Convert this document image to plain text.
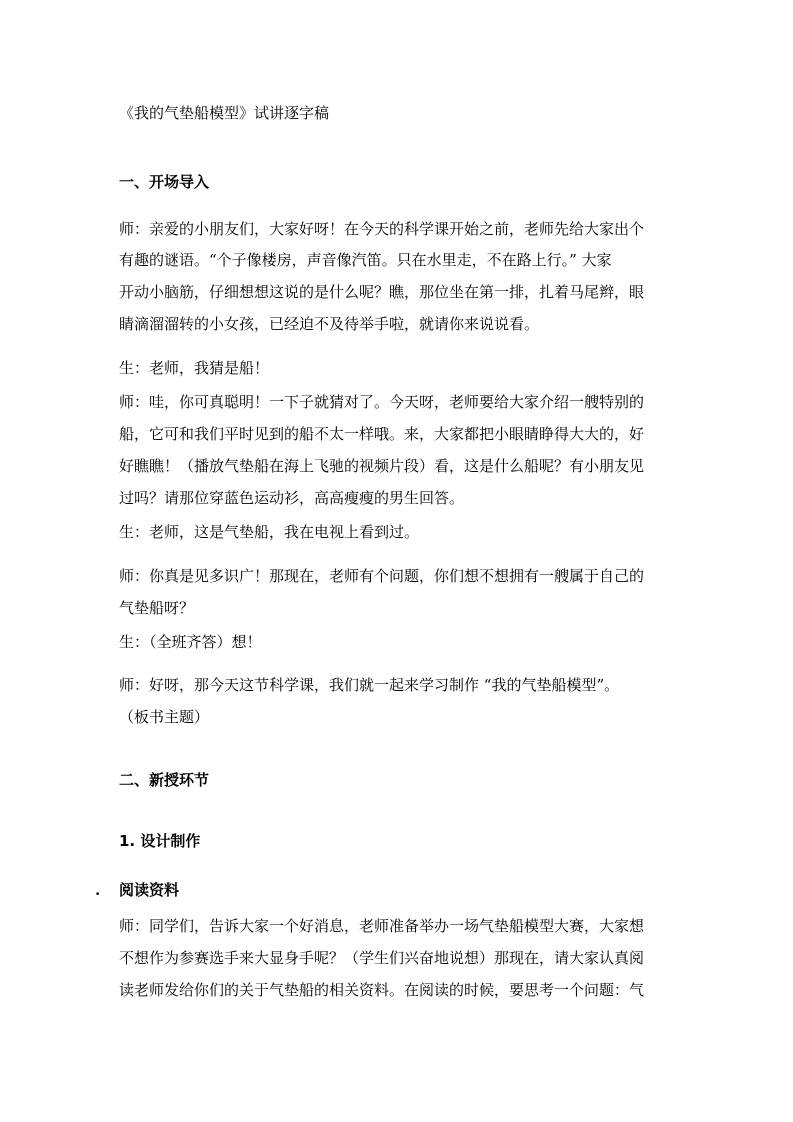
《我的气垫船模型》试讲逐字稿
一、开场导入
师：亲爱的小朋友们，大家好呀！在今天的科学课开始之前，老师先给大家出个
有趣的谜语。“个子像楼房，声音像汽笛。只在水里走，不在路上行。” 大家
开动小脑筋，仔细想想这说的是什么呢？瞧，那位坐在第一排，扎着马尾辫，眼
睛滴溜溜转的小女孩，已经迫不及待举手啦，就请你来说说看。
生：老师，我猜是船！
师：哇，你可真聪明！一下子就猜对了。今天呀，老师要给大家介绍一艘特别的
船，它可和我们平时见到的船不太一样哦。来，大家都把小眼睛睁得大大的，好
好瞧瞧！（播放气垫船在海上飞驰的视频片段）看，这是什么船呢？有小朋友见
过吗？请那位穿蓝色运动衫，高高瘦瘦的男生回答。
生：老师，这是气垫船，我在电视上看到过。
师：你真是见多识广！那现在，老师有个问题，你们想不想拥有一艘属于自己的
气垫船呀？
生：（全班齐答）想！
师：好呀，那今天这节科学课，我们就一起来学习制作 “我的气垫船模型”。
（板书主题）
二、新授环节
1. 设计制作
. 阅读资料
师：同学们，告诉大家一个好消息，老师准备举办一场气垫船模型大赛，大家想
不想作为参赛选手来大显身手呢？（学生们兴奋地说想）那现在，请大家认真阅
读老师发给你们的关于气垫船的相关资料。在阅读的时候，要思考一个问题：气
